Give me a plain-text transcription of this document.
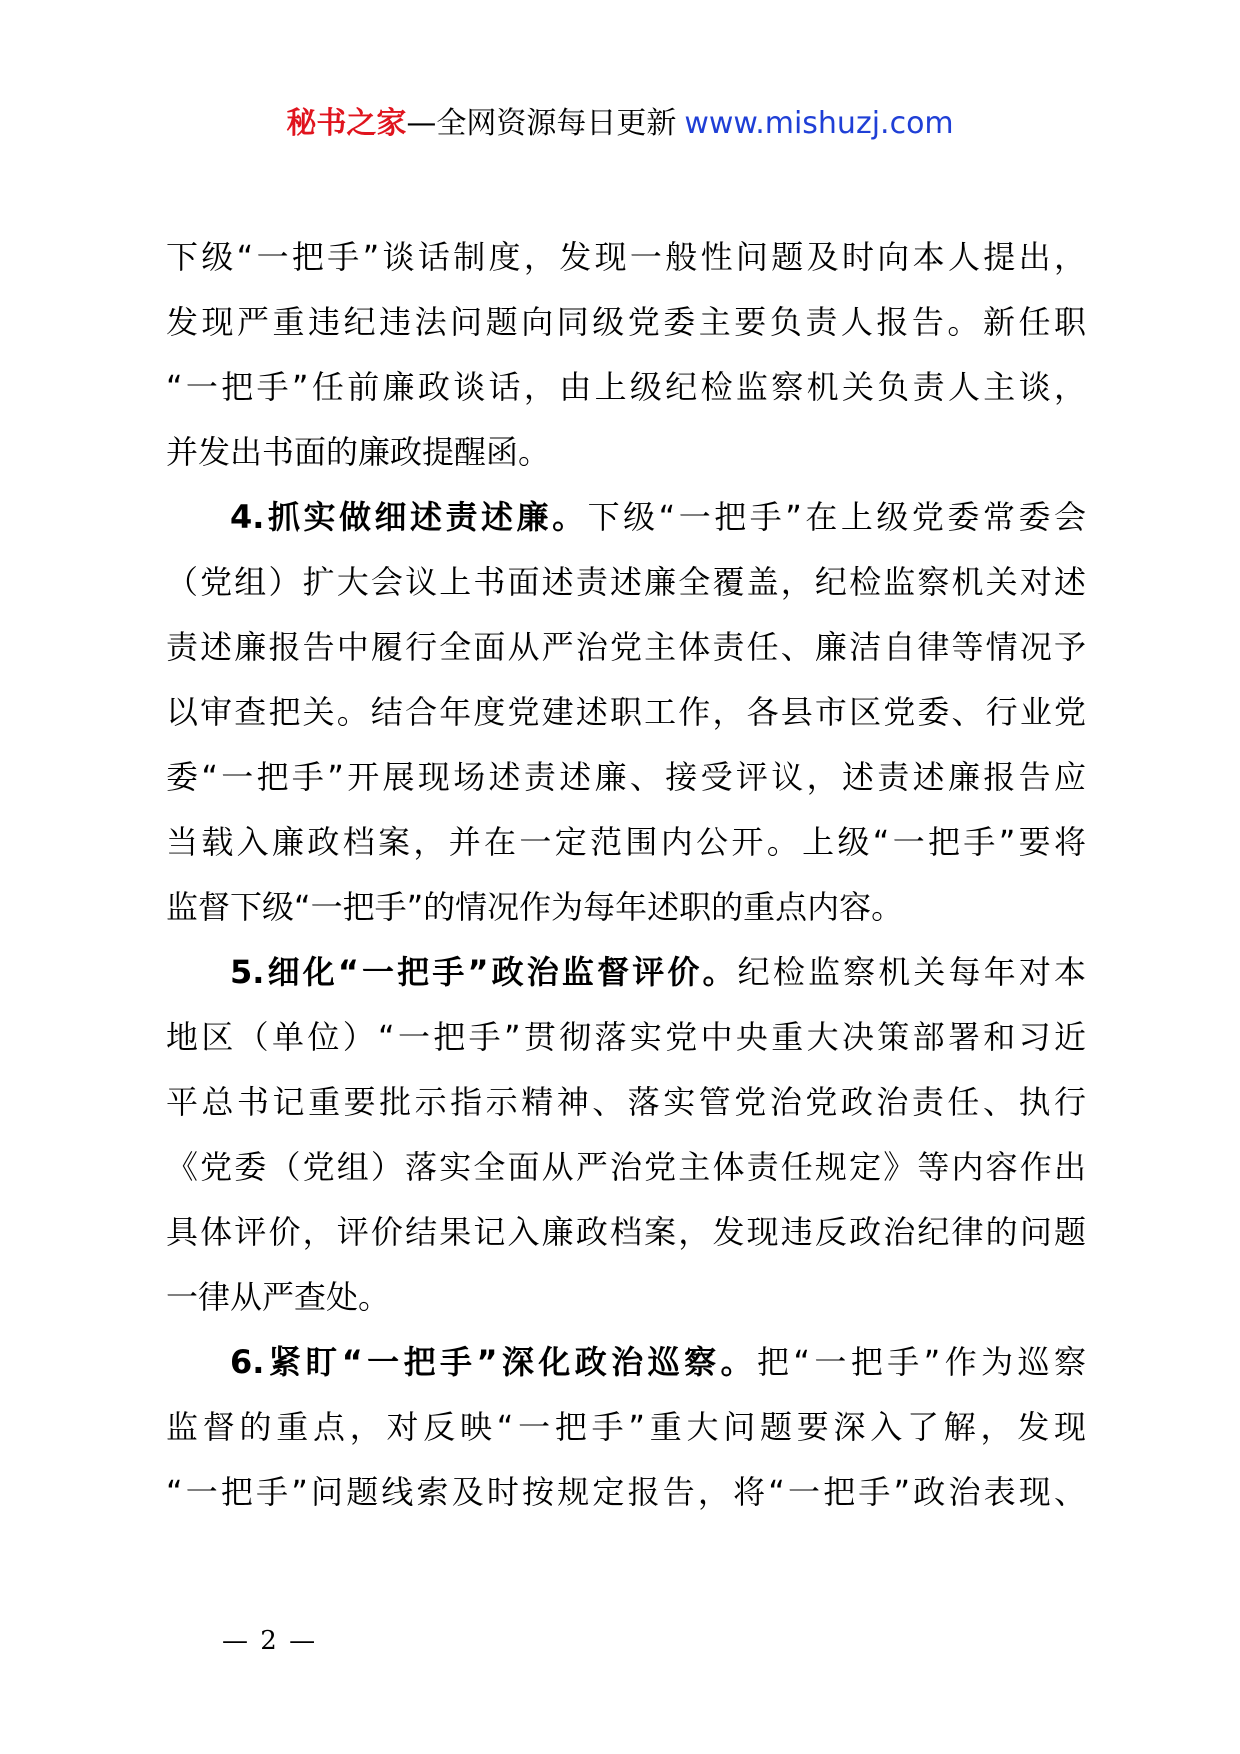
秘书之家—全网资源每日更新 www.mishuzj.com
下级“一把手”谈话制度，发现一般性问题及时向本人提出，
发现严重违纪违法问题向同级党委主要负责人报告。新任职
“一把手”任前廉政谈话，由上级纪检监察机关负责人主谈，
并发出书面的廉政提醒函。
4.抓实做细述责述廉。下级“一把手”在上级党委常委会
（党组）扩大会议上书面述责述廉全覆盖，纪检监察机关对述
责述廉报告中履行全面从严治党主体责任、廉洁自律等情况予
以审查把关。结合年度党建述职工作，各县市区党委、行业党
委“一把手”开展现场述责述廉、接受评议，述责述廉报告应
当载入廉政档案，并在一定范围内公开。上级“一把手”要将
监督下级“一把手”的情况作为每年述职的重点内容。
5.细化“一把手”政治监督评价。纪检监察机关每年对本
地区（单位）“一把手”贯彻落实党中央重大决策部署和习近
平总书记重要批示指示精神、落实管党治党政治责任、执行
《党委（党组）落实全面从严治党主体责任规定》等内容作出
具体评价，评价结果记入廉政档案，发现违反政治纪律的问题
一律从严查处。
6.紧盯“一把手”深化政治巡察。把“一把手”作为巡察
监督的重点，对反映“一把手”重大问题要深入了解，发现
“一把手”问题线索及时按规定报告，将“一把手”政治表现、
— 2 —
